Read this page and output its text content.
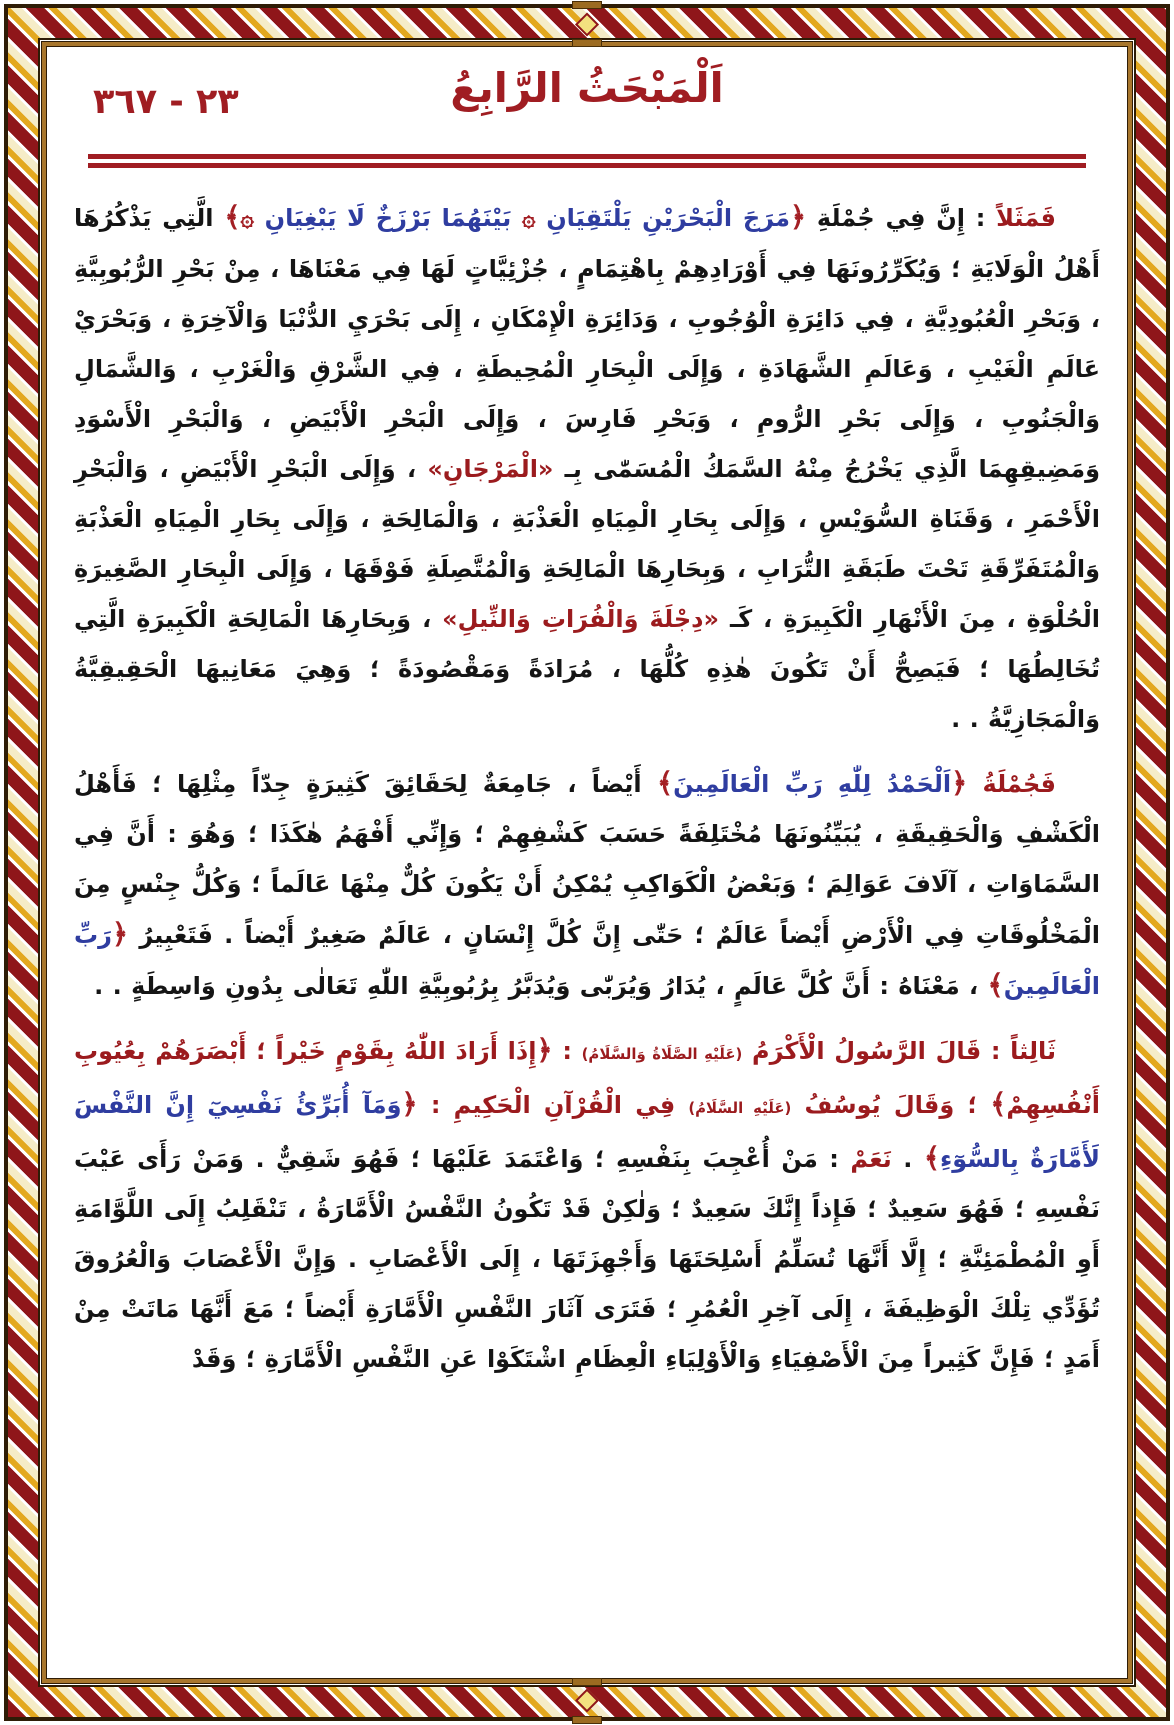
٢٣ - ٣٦٧	اَلْمَبْحَثُ الرَّابِعُ

فَمَثَلاً : إِنَّ فِي جُمْلَةِ ﴿مَرَجَ الْبَحْرَيْنِ يَلْتَقِيَانِ ۞ بَيْنَهُمَا بَرْزَخٌ لَا يَبْغِيَانِ ۞﴾ الَّتِي يَذْكُرُهَا أَهْلُ الْوَلَايَةِ ؛ وَيُكَرِّرُونَهَا فِي أَوْرَادِهِمْ بِاهْتِمَامٍ ، جُزْئِيَّاتٍ لَهَا فِي مَعْنَاهَا ، مِنْ بَحْرِ الرُّبُوبِيَّةِ ، وَبَحْرِ الْعُبُودِيَّةِ ، فِي دَائِرَةِ الْوُجُوبِ ، وَدَائِرَةِ الْإِمْكَانِ ، إِلَى بَحْرَيِ الدُّنْيَا وَالْآخِرَةِ ، وَبَحْرَيْ عَالَمِ الْغَيْبِ ، وَعَالَمِ الشَّهَادَةِ ، وَإِلَى الْبِحَارِ الْمُحِيطَةِ ، فِي الشَّرْقِ وَالْغَرْبِ ، وَالشَّمَالِ وَالْجَنُوبِ ، وَإِلَى بَحْرِ الرُّومِ ، وَبَحْرِ فَارِسَ ، وَإِلَى الْبَحْرِ الْأَبْيَضِ ، وَالْبَحْرِ الْأَسْوَدِ وَمَضِيقِهِمَا الَّذِي يَخْرُجُ مِنْهُ السَّمَكُ الْمُسَمّٰى بِـ «الْمَرْجَانِ» ، وَإِلَى الْبَحْرِ الْأَبْيَضِ ، وَالْبَحْرِ الْأَحْمَرِ ، وَقَنَاةِ السُّوَيْسِ ، وَإِلَى بِحَارِ الْمِيَاهِ الْعَذْبَةِ ، وَالْمَالِحَةِ ، وَإِلَى بِحَارِ الْمِيَاهِ الْعَذْبَةِ وَالْمُتَفَرِّقَةِ تَحْتَ طَبَقَةِ التُّرَابِ ، وَبِحَارِهَا الْمَالِحَةِ وَالْمُتَّصِلَةِ فَوْقَهَا ، وَإِلَى الْبِحَارِ الصَّغِيرَةِ الْحُلْوَةِ ، مِنَ الْأَنْهَارِ الْكَبِيرَةِ ، كَـ «دِجْلَةَ وَالْفُرَاتِ وَالنِّيلِ» ، وَبِحَارِهَا الْمَالِحَةِ الْكَبِيرَةِ الَّتِي تُخَالِطُهَا ؛ فَيَصِحُّ أَنْ تَكُونَ هٰذِهِ كُلُّهَا ، مُرَادَةً وَمَقْصُودَةً ؛ وَهِيَ مَعَانِيهَا الْحَقِيقِيَّةُ وَالْمَجَازِيَّةُ . .

فَجُمْلَةُ ﴿اَلْحَمْدُ لِلّٰهِ رَبِّ الْعَالَمِينَ﴾ أَيْضاً ، جَامِعَةٌ لِحَقَائِقَ كَثِيرَةٍ جِدّاً مِثْلِهَا ؛ فَأَهْلُ الْكَشْفِ وَالْحَقِيقَةِ ، يُبَيِّنُونَهَا مُخْتَلِفَةً حَسَبَ كَشْفِهِمْ ؛ وَإِنِّي أَفْهَمُ هٰكَذَا ؛ وَهُوَ : أَنَّ فِي السَّمَاوَاتِ ، آلَافَ عَوَالِمَ ؛ وَبَعْضُ الْكَوَاكِبِ يُمْكِنُ أَنْ يَكُونَ كُلٌّ مِنْهَا عَالَماً ؛ وَكُلُّ جِنْسٍ مِنَ الْمَخْلُوقَاتِ فِي الْأَرْضِ أَيْضاً عَالَمٌ ؛ حَتّٰى إِنَّ كُلَّ إِنْسَانٍ ، عَالَمٌ صَغِيرٌ أَيْضاً . فَتَعْبِيرُ ﴿رَبِّ الْعَالَمِينَ﴾ ، مَعْنَاهُ : أَنَّ كُلَّ عَالَمٍ ، يُدَارُ وَيُرَبّٰى وَيُدَبَّرُ بِرُبُوبِيَّةِ اللّٰهِ تَعَالٰى بِدُونِ وَاسِطَةٍ . .

ثَالِثاً : قَالَ الرَّسُولُ الْأَكْرَمُ (عَلَيْهِ الصَّلَاةُ وَالسَّلَامُ) : ﴿إِذَا أَرَادَ اللّٰهُ بِقَوْمٍ خَيْراً ؛ أَبْصَرَهُمْ بِعُيُوبِ أَنْفُسِهِمْ﴾ ؛ وَقَالَ يُوسُفُ (عَلَيْهِ السَّلَامُ) فِي الْقُرْآنِ الْحَكِيمِ : ﴿وَمَآ أُبَرِّئُ نَفْسِيٓ إِنَّ النَّفْسَ لَأَمَّارَةٌ بِالسُّوٓءِ﴾ . نَعَمْ : مَنْ أُعْجِبَ بِنَفْسِهِ ؛ وَاعْتَمَدَ عَلَيْهَا ؛ فَهُوَ شَقِيٌّ . وَمَنْ رَأَى عَيْبَ نَفْسِهِ ؛ فَهُوَ سَعِيدٌ ؛ فَإِذاً إِنَّكَ سَعِيدٌ ؛ وَلٰكِنْ قَدْ تَكُونُ النَّفْسُ الْأَمَّارَةُ ، تَنْقَلِبُ إِلَى اللَّوَّامَةِ أَوِ الْمُطْمَئِنَّةِ ؛ إِلَّا أَنَّهَا تُسَلِّمُ أَسْلِحَتَهَا وَأَجْهِزَتَهَا ، إِلَى الْأَعْصَابِ . وَإِنَّ الْأَعْصَابَ وَالْعُرُوقَ تُؤَدِّي تِلْكَ الْوَظِيفَةَ ، إِلَى آخِرِ الْعُمُرِ ؛ فَتَرَى آثَارَ النَّفْسِ الْأَمَّارَةِ أَيْضاً ؛ مَعَ أَنَّهَا مَاتَتْ مِنْ أَمَدٍ ؛ فَإِنَّ كَثِيراً مِنَ الْأَصْفِيَاءِ وَالْأَوْلِيَاءِ الْعِظَامِ اشْتَكَوْا عَنِ النَّفْسِ الْأَمَّارَةِ ؛ وَقَدْ
